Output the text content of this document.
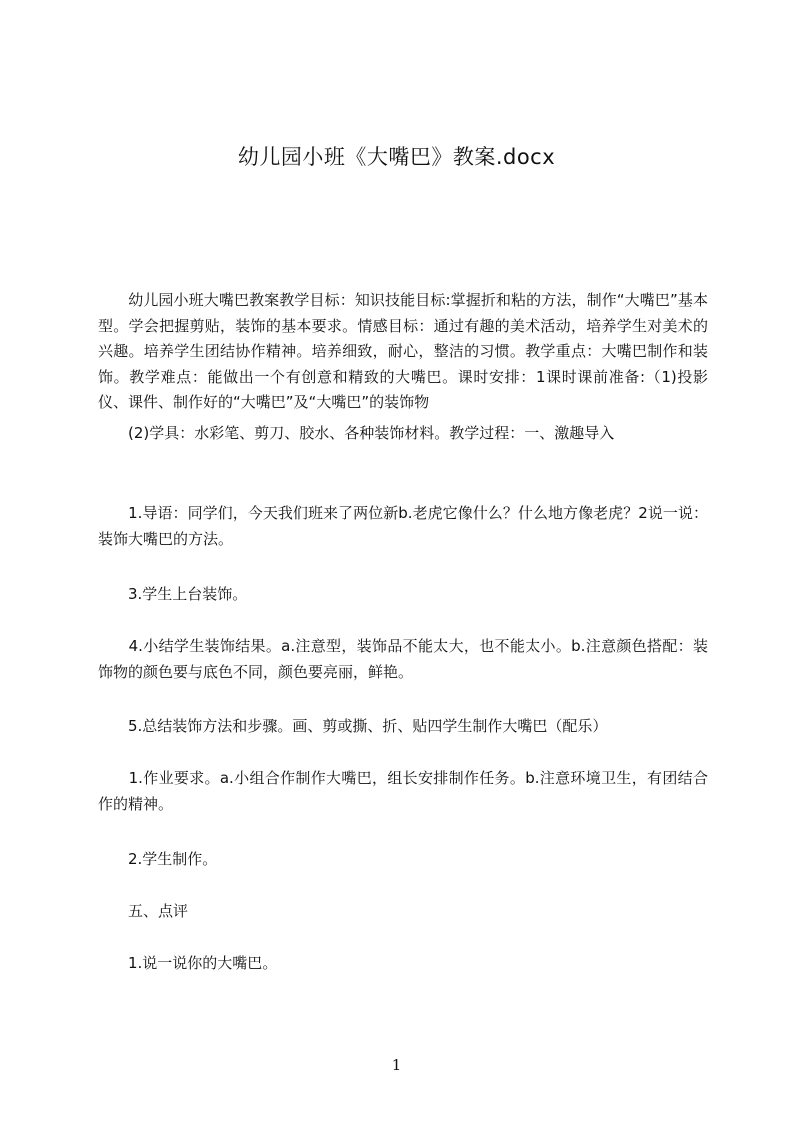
幼儿园小班《大嘴巴》教案.docx

　　幼儿园小班大嘴巴教案教学目标：知识技能目标:掌握折和粘的方法，制作“大嘴巴”基本型。学会把握剪贴，装饰的基本要求。情感目标：通过有趣的美术活动，培养学生对美术的兴趣。培养学生团结协作精神。培养细致，耐心，整洁的习惯。教学重点：大嘴巴制作和装饰。教学难点：能做出一个有创意和精致的大嘴巴。课时安排：1课时课前准备:（1)投影仪、课件、制作好的“大嘴巴”及“大嘴巴”的装饰物

　　(2)学具：水彩笔、剪刀、胶水、各种装饰材料。教学过程：一、激趣导入

　　1.导语：同学们，今天我们班来了两位新b.老虎它像什么？什么地方像老虎？2说一说：装饰大嘴巴的方法。

　　3.学生上台装饰。

　　4.小结学生装饰结果。a.注意型，装饰品不能太大，也不能太小。b.注意颜色搭配：装饰物的颜色要与底色不同，颜色要亮丽，鲜艳。

　　5.总结装饰方法和步骤。画、剪或撕、折、贴四学生制作大嘴巴（配乐）

　　1.作业要求。a.小组合作制作大嘴巴，组长安排制作任务。b.注意环境卫生，有团结合作的精神。

　　2.学生制作。

　　五、点评

　　1.说一说你的大嘴巴。

1
